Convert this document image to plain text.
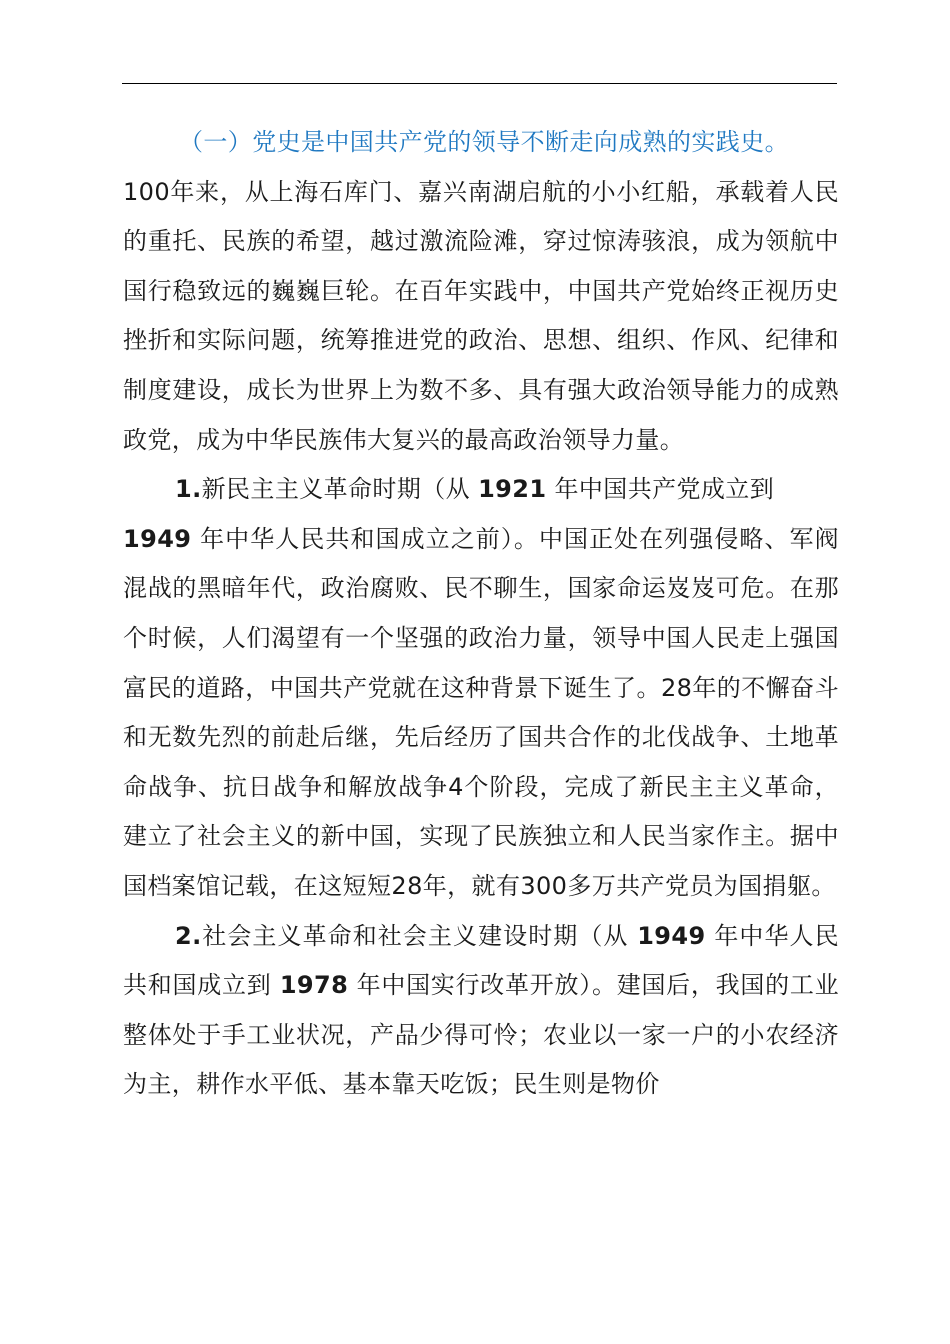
（一）党史是中国共产党的领导不断走向成熟的实践史。

100年来，从上海石库门、嘉兴南湖启航的小小红船，承载着人民的重托、民族的希望，越过激流险滩，穿过惊涛骇浪，成为领航中国行稳致远的巍巍巨轮。在百年实践中，中国共产党始终正视历史挫折和实际问题，统筹推进党的政治、思想、组织、作风、纪律和制度建设，成长为世界上为数不多、具有强大政治领导能力的成熟政党，成为中华民族伟大复兴的最高政治领导力量。

1.新民主主义革命时期（从 1921 年中国共产党成立到
1949 年中华人民共和国成立之前）。中国正处在列强侵略、军阀混战的黑暗年代，政治腐败、民不聊生，国家命运岌岌可危。在那个时候，人们渴望有一个坚强的政治力量，领导中国人民走上强国富民的道路，中国共产党就在这种背景下诞生了。28年的不懈奋斗和无数先烈的前赴后继，先后经历了国共合作的北伐战争、土地革命战争、抗日战争和解放战争4个阶段，完成了新民主主义革命，建立了社会主义的新中国，实现了民族独立和人民当家作主。据中国档案馆记载，在这短短28年，就有300多万共产党员为国捐躯。

2.社会主义革命和社会主义建设时期（从 1949 年中华人民共和国成立到 1978 年中国实行改革开放）。建国后，我国的工业整体处于手工业状况，产品少得可怜；农业以一家一户的小农经济为主，耕作水平低、基本靠天吃饭；民生则是物价
